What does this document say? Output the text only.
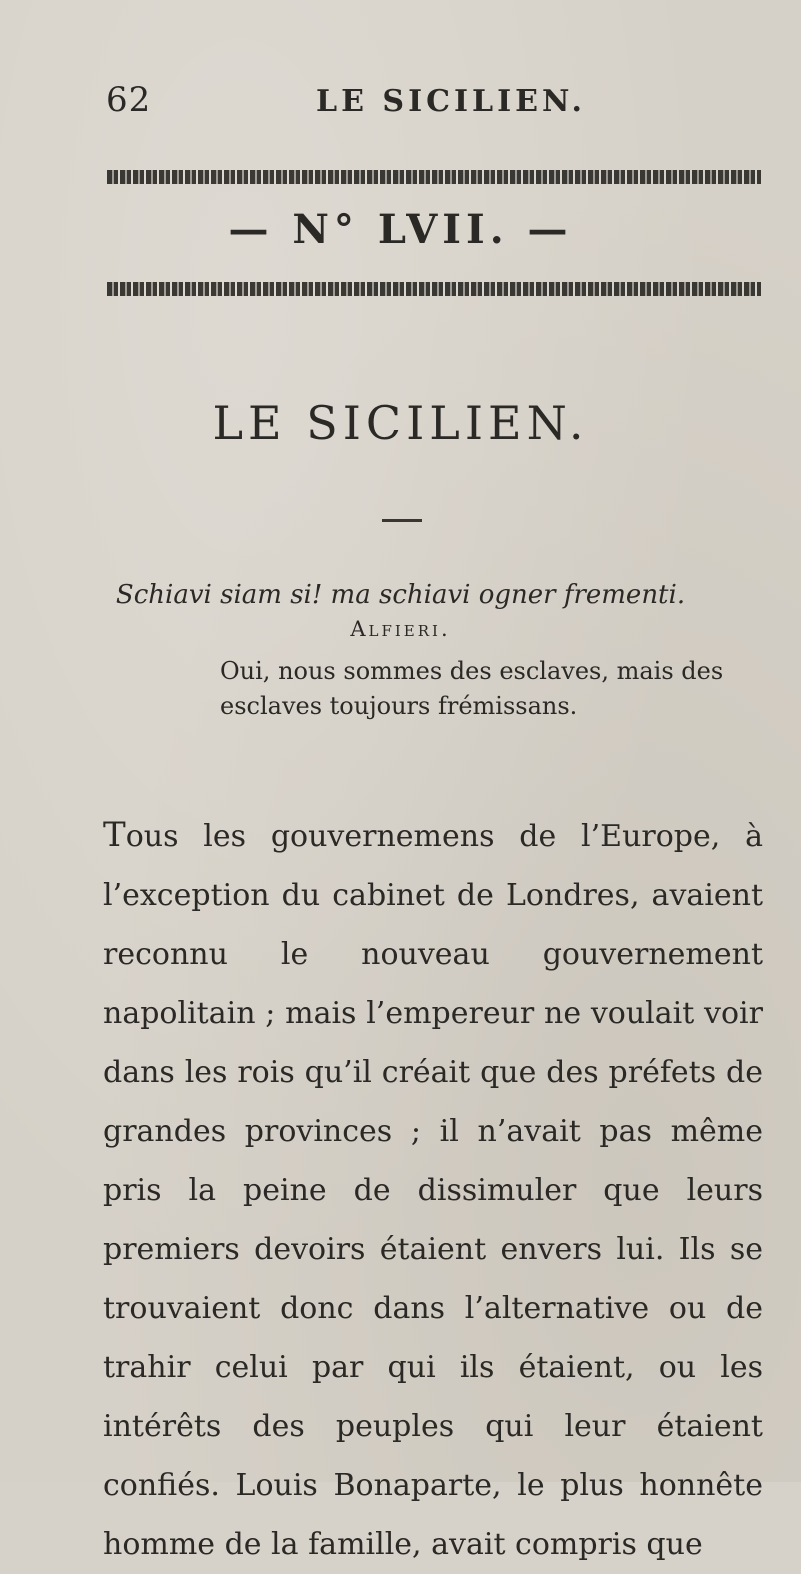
62	LE SICILIEN.
— N° LVII. —
LE SICILIEN.
Schiavi siam si! ma schiavi ogner frementi.
Alfieri.
Oui, nous sommes des esclaves, mais des esclaves toujours frémissans.
Tous les gouvernemens de l’Europe, à l’exception du cabinet de Londres, avaient reconnu le nouveau gouvernement napolitain ; mais l’empereur ne voulait voir dans les rois qu’il créait que des préfets de grandes provinces ; il n’avait pas même pris la peine de dissimuler que leurs premiers devoirs étaient envers lui. Ils se trouvaient donc dans l’alternative ou de trahir celui par qui ils étaient, ou les intérêts des peuples qui leur étaient confiés. Louis Bonaparte, le plus honnête homme de la famille, avait compris que
